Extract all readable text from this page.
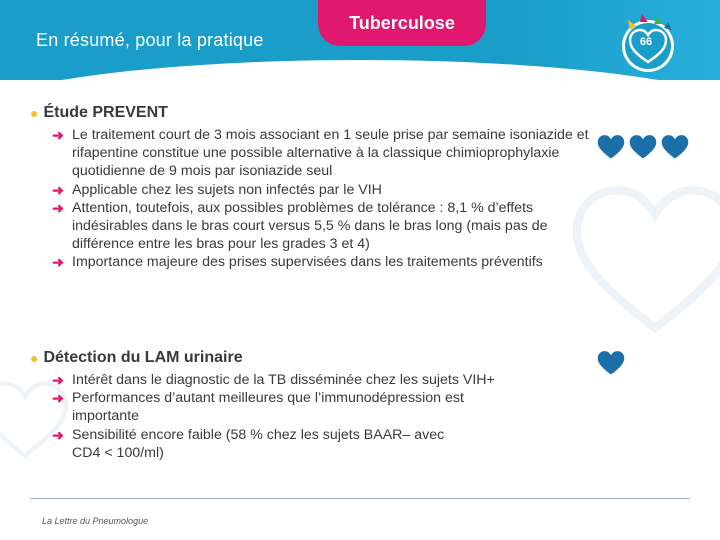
En résumé, pour la pratique
Tuberculose
66
● Étude PREVENT
➜ Le traitement court de 3 mois associant en 1 seule prise par semaine isoniazide et rifapentine constitue une possible alternative à la classique chimioprophylaxie quotidienne de 9 mois par isoniazide seul
➜ Applicable chez les sujets non infectés par le VIH
➜ Attention, toutefois, aux possibles problèmes de tolérance : 8,1 % d’effets indésirables dans le bras court versus 5,5 % dans le bras long (mais pas de différence entre les bras pour les grades 3 et 4)
➜ Importance majeure des prises supervisées dans les traitements préventifs
● Détection du LAM urinaire
➜ Intérêt dans le diagnostic de la TB disséminée chez les sujets VIH+
➜ Performances d’autant meilleures que l’immunodépression est importante
➜ Sensibilité encore faible (58 % chez les sujets BAAR– avec CD4 < 100/ml)
La Lettre du Pneumologue
